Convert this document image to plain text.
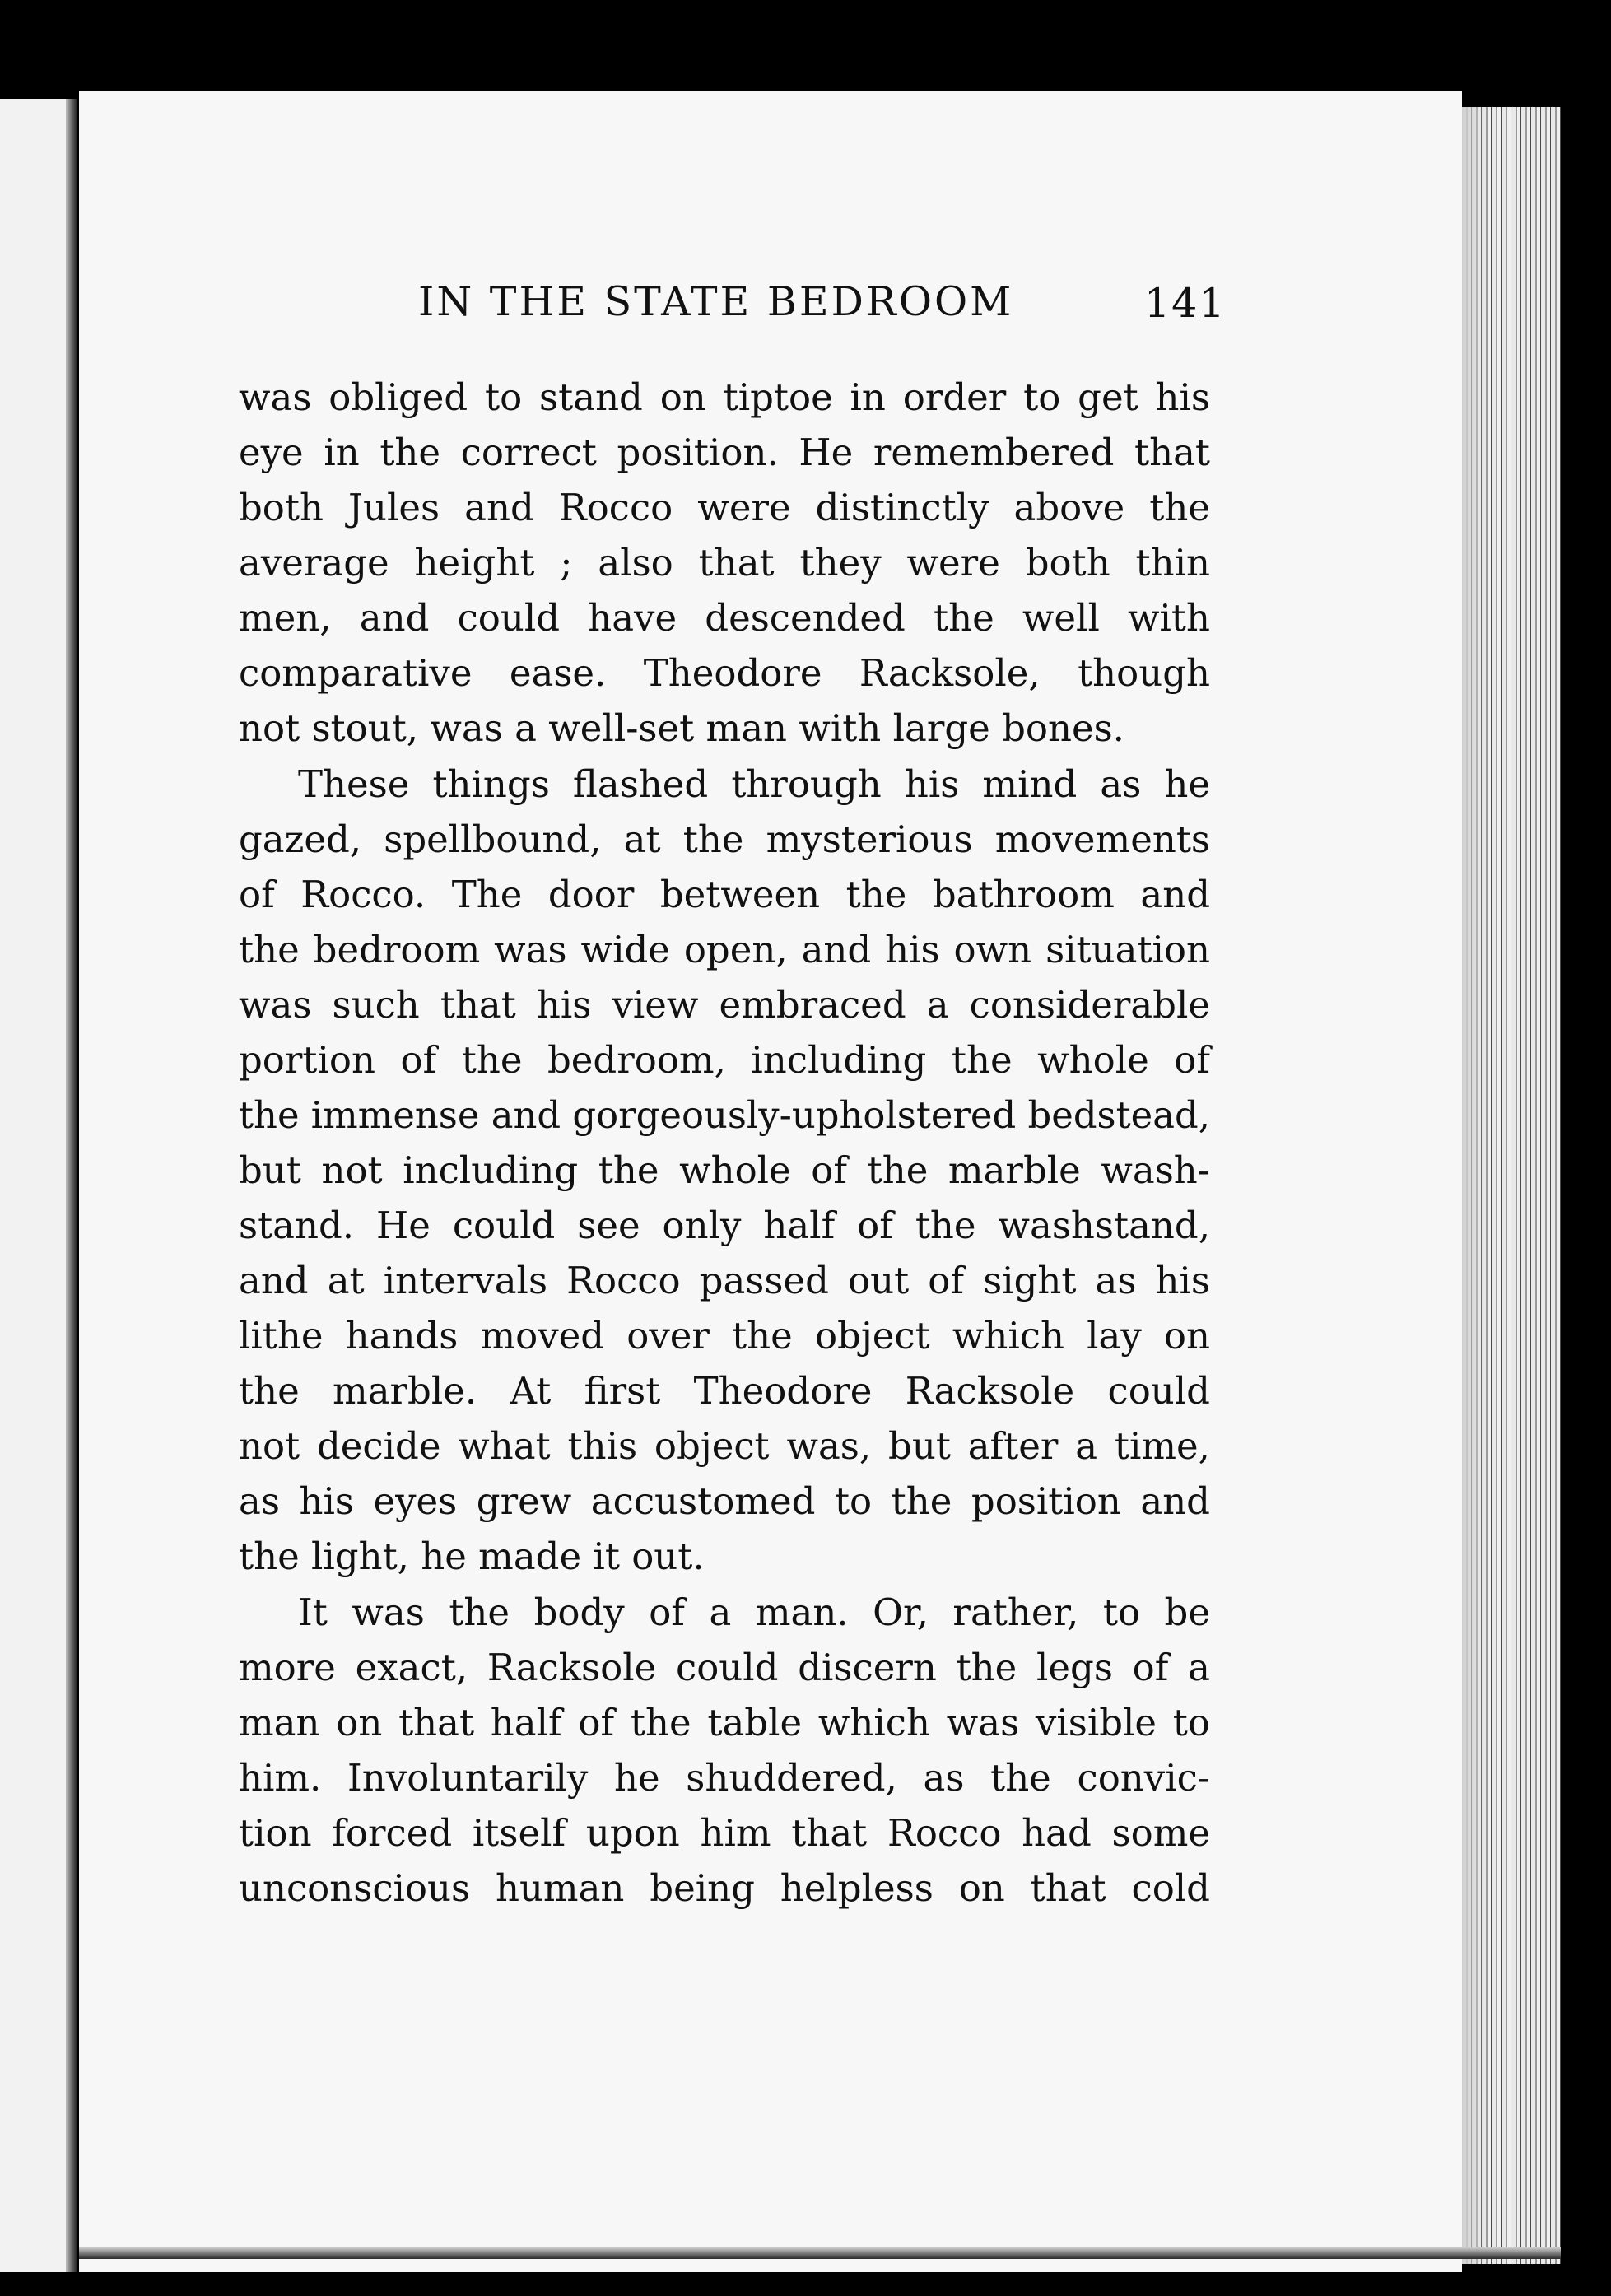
IN THE STATE BEDROOM	141
was obliged to stand on tiptoe in order to get his
eye in the correct position. He remembered that
both Jules and Rocco were distinctly above the
average height ; also that they were both thin
men, and could have descended the well with
comparative ease. Theodore Racksole, though
not stout, was a well-set man with large bones.
These things flashed through his mind as he
gazed, spellbound, at the mysterious movements
of Rocco. The door between the bathroom and
the bedroom was wide open, and his own situation
was such that his view embraced a considerable
portion of the bedroom, including the whole of
the immense and gorgeously-upholstered bedstead,
but not including the whole of the marble wash-
stand. He could see only half of the washstand,
and at intervals Rocco passed out of sight as his
lithe hands moved over the object which lay on
the marble. At first Theodore Racksole could
not decide what this object was, but after a time,
as his eyes grew accustomed to the position and
the light, he made it out.
It was the body of a man. Or, rather, to be
more exact, Racksole could discern the legs of a
man on that half of the table which was visible to
him. Involuntarily he shuddered, as the convic-
tion forced itself upon him that Rocco had some
unconscious human being helpless on that cold
